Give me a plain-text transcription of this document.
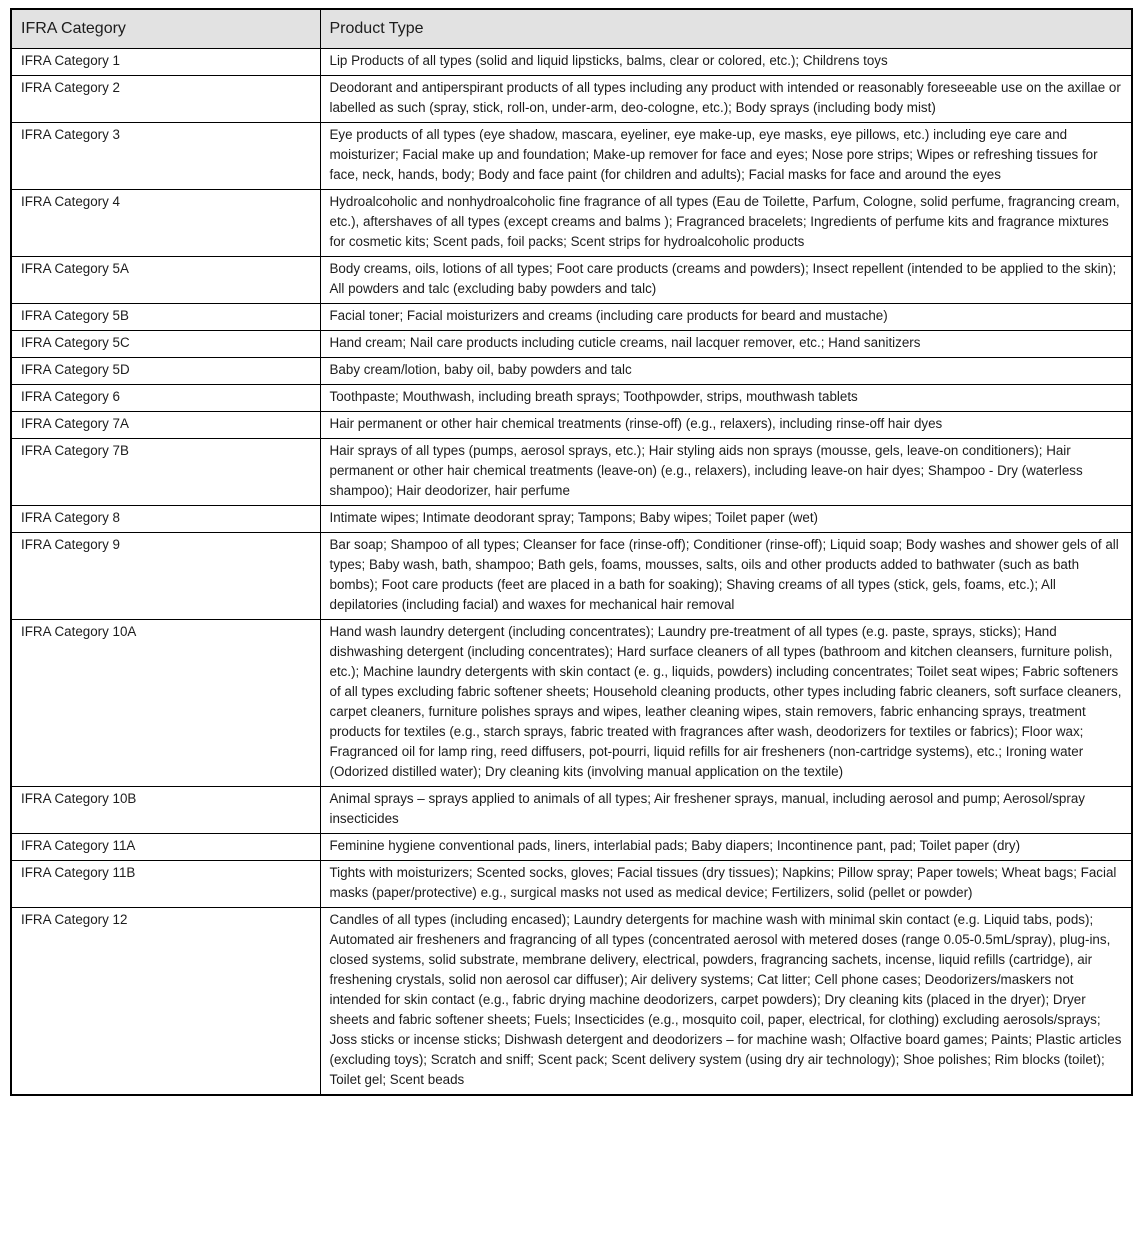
IFRA Category	Product Type
IFRA Category 1	Lip Products of all types (solid and liquid lipsticks, balms, clear or colored, etc.); Childrens toys
IFRA Category 2	Deodorant and antiperspirant products of all types including any product with intended or reasonably foreseeable use on the axillae or labelled as such (spray, stick, roll-on, under-arm, deo-cologne, etc.); Body sprays (including body mist)
IFRA Category 3	Eye products of all types (eye shadow, mascara, eyeliner, eye make-up, eye masks, eye pillows, etc.) including eye care and moisturizer; Facial make up and foundation; Make-up remover for face and eyes; Nose pore strips; Wipes or refreshing tissues for face, neck, hands, body; Body and face paint (for children and adults); Facial masks for face and around the eyes
IFRA Category 4	Hydroalcoholic and nonhydroalcoholic fine fragrance of all types (Eau de Toilette, Parfum, Cologne, solid perfume, fragrancing cream, etc.), aftershaves of all types (except creams and balms ); Fragranced bracelets; Ingredients of perfume kits and fragrance mixtures for cosmetic kits; Scent pads, foil packs; Scent strips for hydroalcoholic products
IFRA Category 5A	Body creams, oils, lotions of all types; Foot care products (creams and powders); Insect repellent (intended to be applied to the skin); All powders and talc (excluding baby powders and talc)
IFRA Category 5B	Facial toner; Facial moisturizers and creams (including care products for beard and mustache)
IFRA Category 5C	Hand cream; Nail care products including cuticle creams, nail lacquer remover, etc.; Hand sanitizers
IFRA Category 5D	Baby cream/lotion, baby oil, baby powders and talc
IFRA Category 6	Toothpaste; Mouthwash, including breath sprays; Toothpowder, strips, mouthwash tablets
IFRA Category 7A	Hair permanent or other hair chemical treatments (rinse-off) (e.g., relaxers), including rinse-off hair dyes
IFRA Category 7B	Hair sprays of all types (pumps, aerosol sprays, etc.); Hair styling aids non sprays (mousse, gels, leave-on conditioners); Hair permanent or other hair chemical treatments (leave-on) (e.g., relaxers), including leave-on hair dyes; Shampoo - Dry (waterless shampoo); Hair deodorizer, hair perfume
IFRA Category 8	Intimate wipes; Intimate deodorant spray; Tampons; Baby wipes; Toilet paper (wet)
IFRA Category 9	Bar soap; Shampoo of all types; Cleanser for face (rinse-off); Conditioner (rinse-off); Liquid soap; Body washes and shower gels of all types; Baby wash, bath, shampoo; Bath gels, foams, mousses, salts, oils and other products added to bathwater (such as bath bombs); Foot care products (feet are placed in a bath for soaking); Shaving creams of all types (stick, gels, foams, etc.); All depilatories (including facial) and waxes for mechanical hair removal
IFRA Category 10A	Hand wash laundry detergent (including concentrates); Laundry pre-treatment of all types (e.g. paste, sprays, sticks); Hand dishwashing detergent (including concentrates); Hard surface cleaners of all types (bathroom and kitchen cleansers, furniture polish, etc.); Machine laundry detergents with skin contact (e. g., liquids, powders) including concentrates; Toilet seat wipes; Fabric softeners of all types excluding fabric softener sheets; Household cleaning products, other types including fabric cleaners, soft surface cleaners, carpet cleaners, furniture polishes sprays and wipes, leather cleaning wipes, stain removers, fabric enhancing sprays, treatment products for textiles (e.g., starch sprays, fabric treated with fragrances after wash, deodorizers for textiles or fabrics); Floor wax; Fragranced oil for lamp ring, reed diffusers, pot-pourri, liquid refills for air fresheners (non-cartridge systems), etc.; Ironing water (Odorized distilled water); Dry cleaning kits (involving manual application on the textile)
IFRA Category 10B	Animal sprays – sprays applied to animals of all types; Air freshener sprays, manual, including aerosol and pump; Aerosol/spray insecticides
IFRA Category 11A	Feminine hygiene conventional pads, liners, interlabial pads; Baby diapers; Incontinence pant, pad; Toilet paper (dry)
IFRA Category 11B	Tights with moisturizers; Scented socks, gloves; Facial tissues (dry tissues); Napkins; Pillow spray; Paper towels; Wheat bags; Facial masks (paper/protective) e.g., surgical masks not used as medical device; Fertilizers, solid (pellet or powder)
IFRA Category 12	Candles of all types (including encased); Laundry detergents for machine wash with minimal skin contact (e.g. Liquid tabs, pods); Automated air fresheners and fragrancing of all types (concentrated aerosol with metered doses (range 0.05-0.5mL/spray), plug-ins, closed systems, solid substrate, membrane delivery, electrical, powders, fragrancing sachets, incense, liquid refills (cartridge), air freshening crystals, solid non aerosol car diffuser); Air delivery systems; Cat litter; Cell phone cases; Deodorizers/maskers not intended for skin contact (e.g., fabric drying machine deodorizers, carpet powders); Dry cleaning kits (placed in the dryer); Dryer sheets and fabric softener sheets; Fuels; Insecticides (e.g., mosquito coil, paper, electrical, for clothing) excluding aerosols/sprays; Joss sticks or incense sticks; Dishwash detergent and deodorizers – for machine wash; Olfactive board games; Paints; Plastic articles (excluding toys); Scratch and sniff; Scent pack; Scent delivery system (using dry air technology); Shoe polishes; Rim blocks (toilet); Toilet gel; Scent beads
